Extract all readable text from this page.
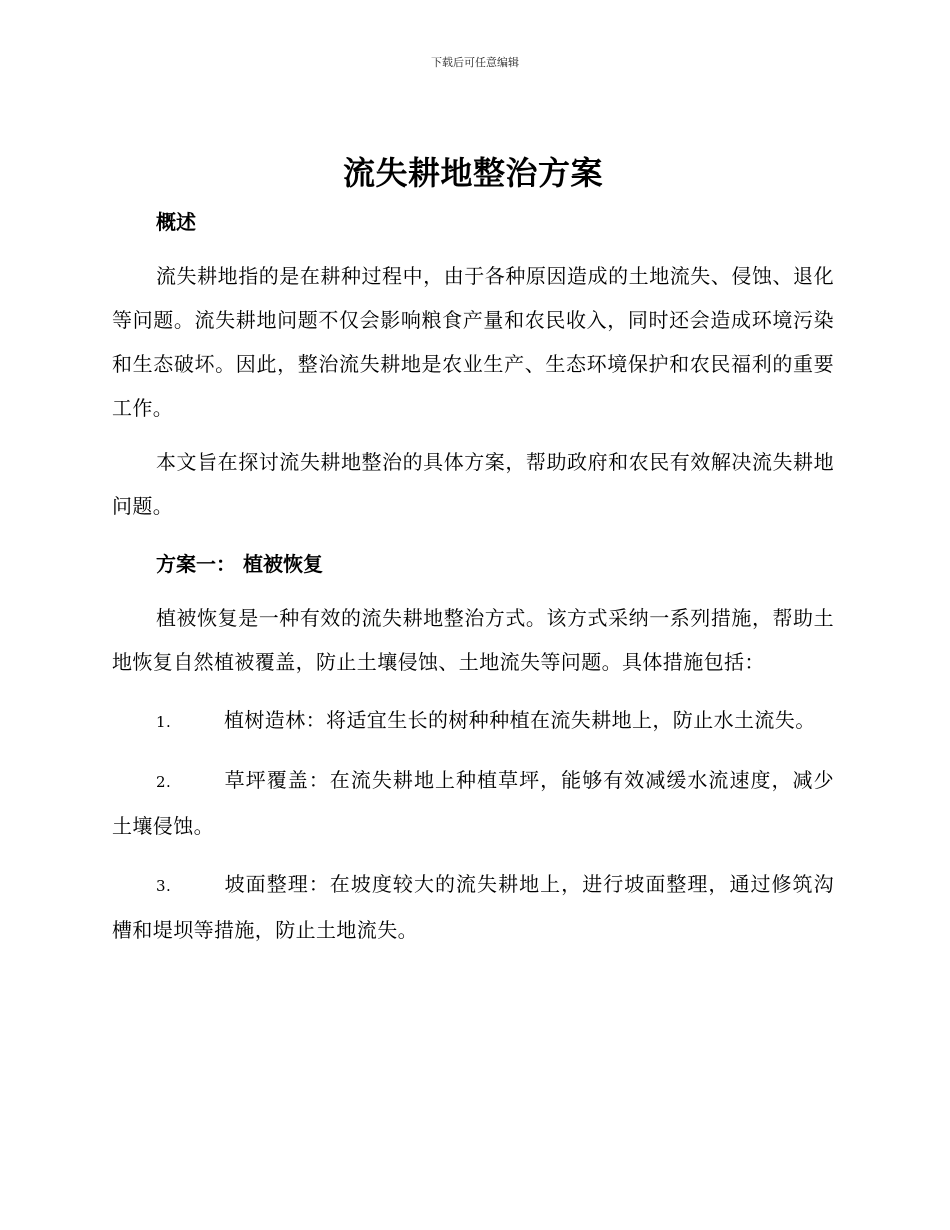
下载后可任意编辑
流失耕地整治方案
概述

流失耕地指的是在耕种过程中，由于各种原因造成的土地流失、侵蚀、退化等问题。流失耕地问题不仅会影响粮食产量和农民收入，同时还会造成环境污染和生态破坏。因此，整治流失耕地是农业生产、生态环境保护和农民福利的重要工作。

本文旨在探讨流失耕地整治的具体方案，帮助政府和农民有效解决流失耕地问题。

方案一： 植被恢复

植被恢复是一种有效的流失耕地整治方式。该方式采纳一系列措施，帮助土地恢复自然植被覆盖，防止土壤侵蚀、土地流失等问题。具体措施包括：

1.	植树造林：将适宜生长的树种种植在流失耕地上，防止水土流失。
2.	草坪覆盖：在流失耕地上种植草坪，能够有效减缓水流速度，减少土壤侵蚀。
3.	坡面整理：在坡度较大的流失耕地上，进行坡面整理，通过修筑沟槽和堤坝等措施，防止土地流失。
